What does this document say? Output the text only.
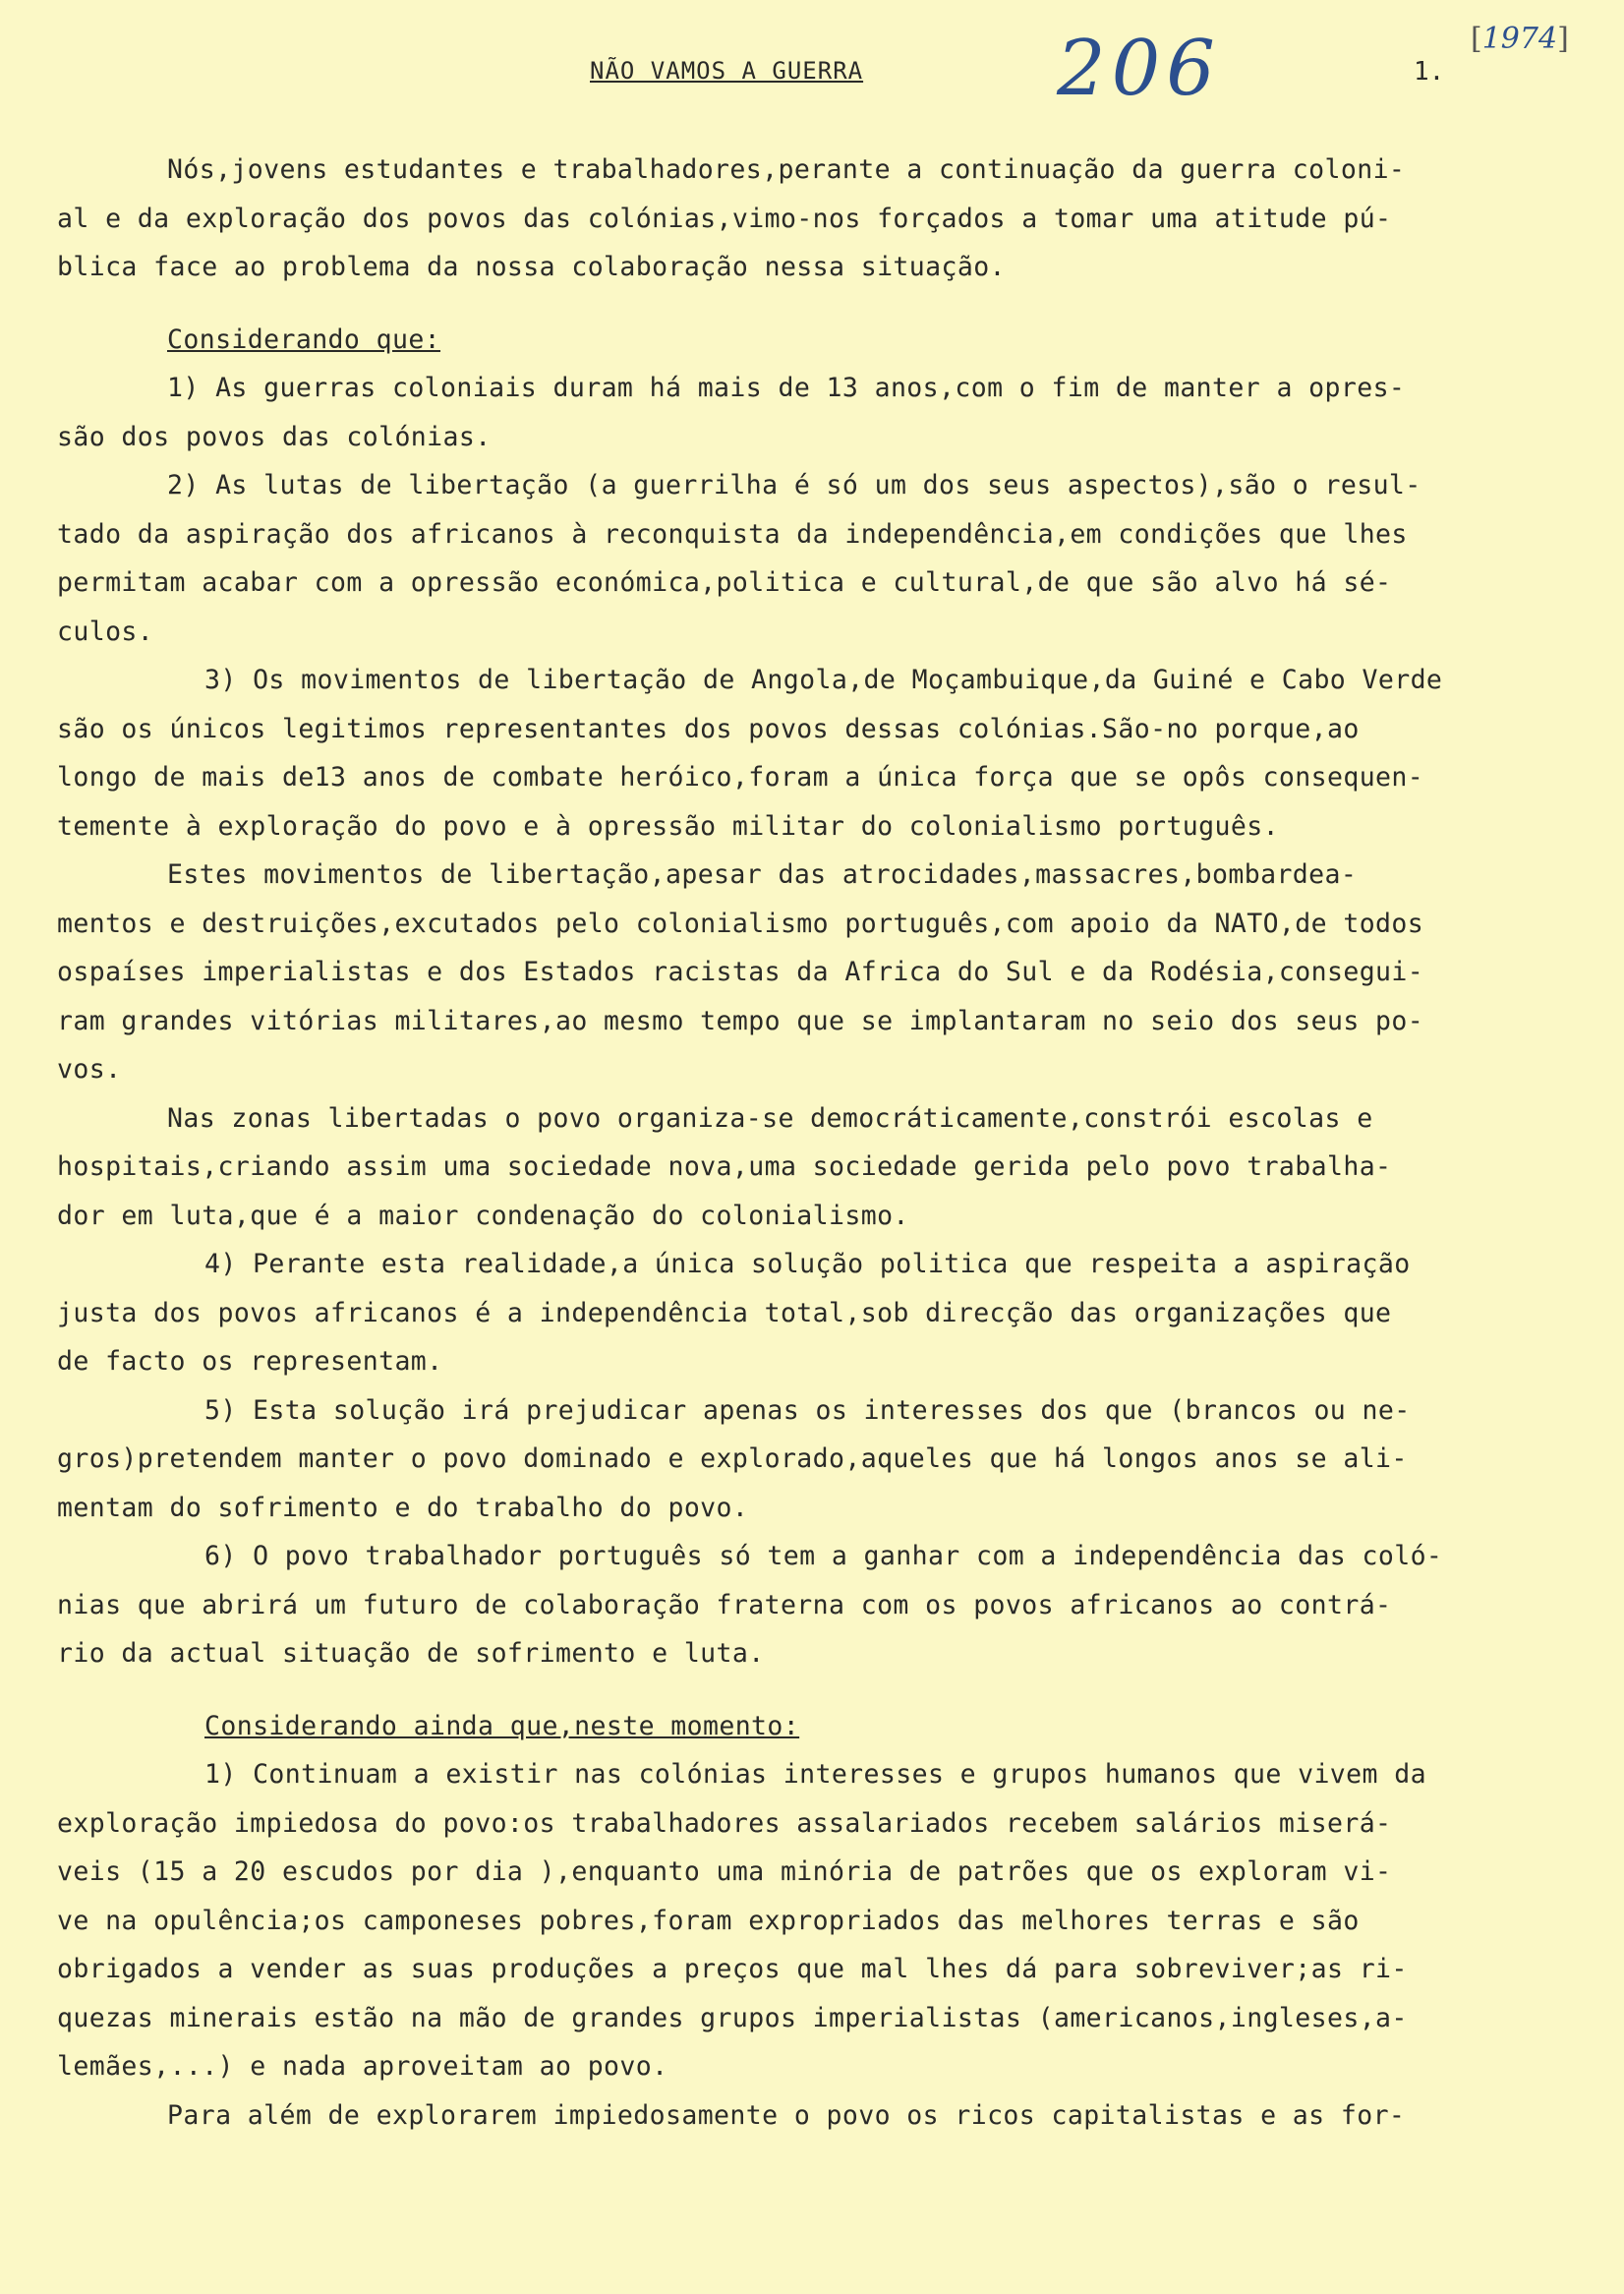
NÃO VAMOS A GUERRA	206	1.
[1974]
Nós,jovens estudantes e trabalhadores,perante a continuação da guerra coloni-
al e da exploração dos povos das colónias,vimo-nos forçados a tomar uma atitude pú-
blica face ao problema da nossa colaboração nessa situação.
Considerando que:
1) As guerras coloniais duram há mais de 13 anos,com o fim de manter a opres-
são dos povos das colónias.
2) As lutas de libertação (a guerrilha é só um dos seus aspectos),são o resul-
tado da aspiração dos africanos à reconquista da independência,em condições que lhes
permitam acabar com a opressão económica,politica e cultural,de que são alvo há sé-
culos.
3) Os movimentos de libertação de Angola,de Moçambuique,da Guiné e Cabo Verde
são os únicos legitimos representantes dos povos dessas colónias.São-no porque,ao
longo de mais de13 anos de combate heróico,foram a única força que se opôs consequen-
temente à exploração do povo e à opressão militar do colonialismo português.
Estes movimentos de libertação,apesar das atrocidades,massacres,bombardea-
mentos e destruições,excutados pelo colonialismo português,com apoio da NATO,de todos
ospaíses imperialistas e dos Estados racistas da Africa do Sul e da Rodésia,consegui-
ram grandes vitórias militares,ao mesmo tempo que se implantaram no seio dos seus po-
vos.
Nas zonas libertadas o povo organiza-se democráticamente,constrói escolas e
hospitais,criando assim uma sociedade nova,uma sociedade gerida pelo povo trabalha-
dor em luta,que é a maior condenação do colonialismo.
4) Perante esta realidade,a única solução politica que respeita a aspiração
justa dos povos africanos é a independência total,sob direcção das organizações que
de facto os representam.
5) Esta solução irá prejudicar apenas os interesses dos que (brancos ou ne-
gros)pretendem manter o povo dominado e explorado,aqueles que há longos anos se ali-
mentam do sofrimento e do trabalho do povo.
6) O povo trabalhador português só tem a ganhar com a independência das coló-
nias que abrirá um futuro de colaboração fraterna com os povos africanos ao contrá-
rio da actual situação de sofrimento e luta.
Considerando ainda que,neste momento:
1) Continuam a existir nas colónias interesses e grupos humanos que vivem da
exploração impiedosa do povo:os trabalhadores assalariados recebem salários miserá-
veis (15 a 20 escudos por dia ),enquanto uma minória de patrões que os exploram vi-
ve na opulência;os camponeses pobres,foram expropriados das melhores terras e são
obrigados a vender as suas produções a preços que mal lhes dá para sobreviver;as ri-
quezas minerais estão na mão de grandes grupos imperialistas (americanos,ingleses,a-
lemães,...) e nada aproveitam ao povo.
Para além de explorarem impiedosamente o povo os ricos capitalistas e as for-
